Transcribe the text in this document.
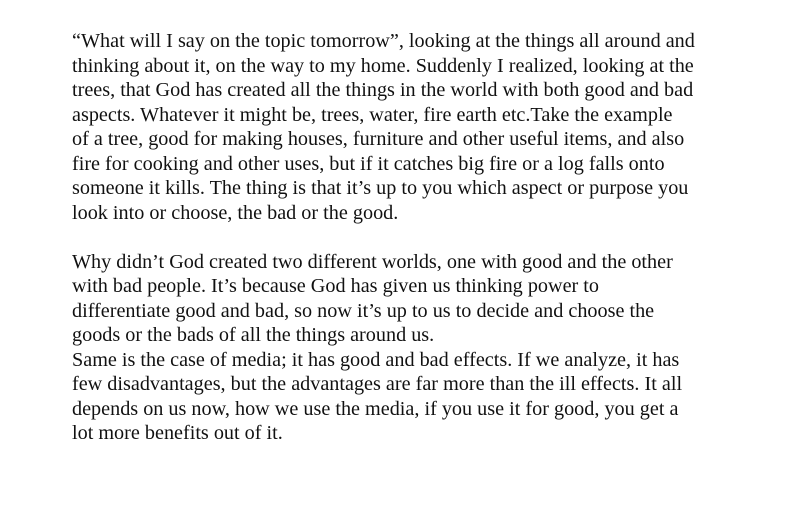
“What will I say on the topic tomorrow”, looking at the things all around and
thinking about it, on the way to my home. Suddenly I realized, looking at the
trees, that God has created all the things in the world with both good and bad
aspects. Whatever it might be, trees, water, fire earth etc.Take the example
of a tree, good for making houses, furniture and other useful items, and also
fire for cooking and other uses, but if it catches big fire or a log falls onto
someone it kills. The thing is that it’s up to you which aspect or purpose you
look into or choose, the bad or the good.
Why didn’t God created two different worlds, one with good and the other
with bad people. It’s because God has given us thinking power to
differentiate good and bad, so now it’s up to us to decide and choose the
goods or the bads of all the things around us.
Same is the case of media; it has good and bad effects. If we analyze, it has
few disadvantages, but the advantages are far more than the ill effects. It all
depends on us now, how we use the media, if you use it for good, you get a
lot more benefits out of it.
